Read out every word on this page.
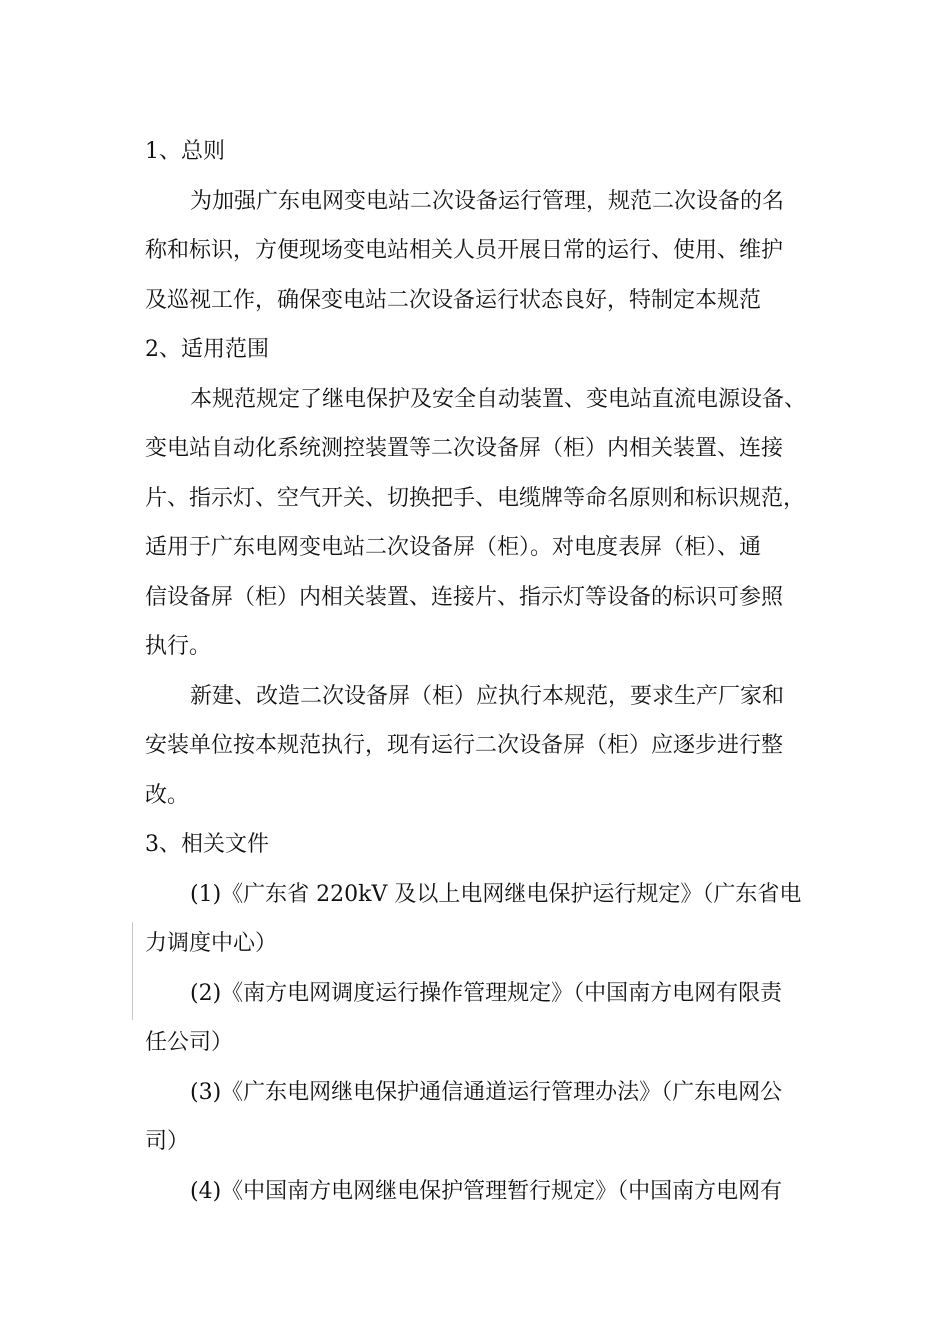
1、总则
为加强广东电网变电站二次设备运行管理，规范二次设备的名
称和标识，方便现场变电站相关人员开展日常的运行、使用、维护
及巡视工作，确保变电站二次设备运行状态良好，特制定本规范
2、适用范围
本规范规定了继电保护及安全自动装置、变电站直流电源设备、
变电站自动化系统测控装置等二次设备屏（柜）内相关装置、连接
片、指示灯、空气开关、切换把手、电缆牌等命名原则和标识规范，
适用于广东电网变电站二次设备屏（柜）。对电度表屏（柜）、通
信设备屏（柜）内相关装置、连接片、指示灯等设备的标识可参照
执行。
新建、改造二次设备屏（柜）应执行本规范，要求生产厂家和
安装单位按本规范执行，现有运行二次设备屏（柜）应逐步进行整
改。
3、相关文件
(1)《广东省 220kV 及以上电网继电保护运行规定》（广东省电
力调度中心）
(2)《南方电网调度运行操作管理规定》（中国南方电网有限责
任公司）
(3)《广东电网继电保护通信通道运行管理办法》（广东电网公
司）
(4)《中国南方电网继电保护管理暂行规定》（中国南方电网有
